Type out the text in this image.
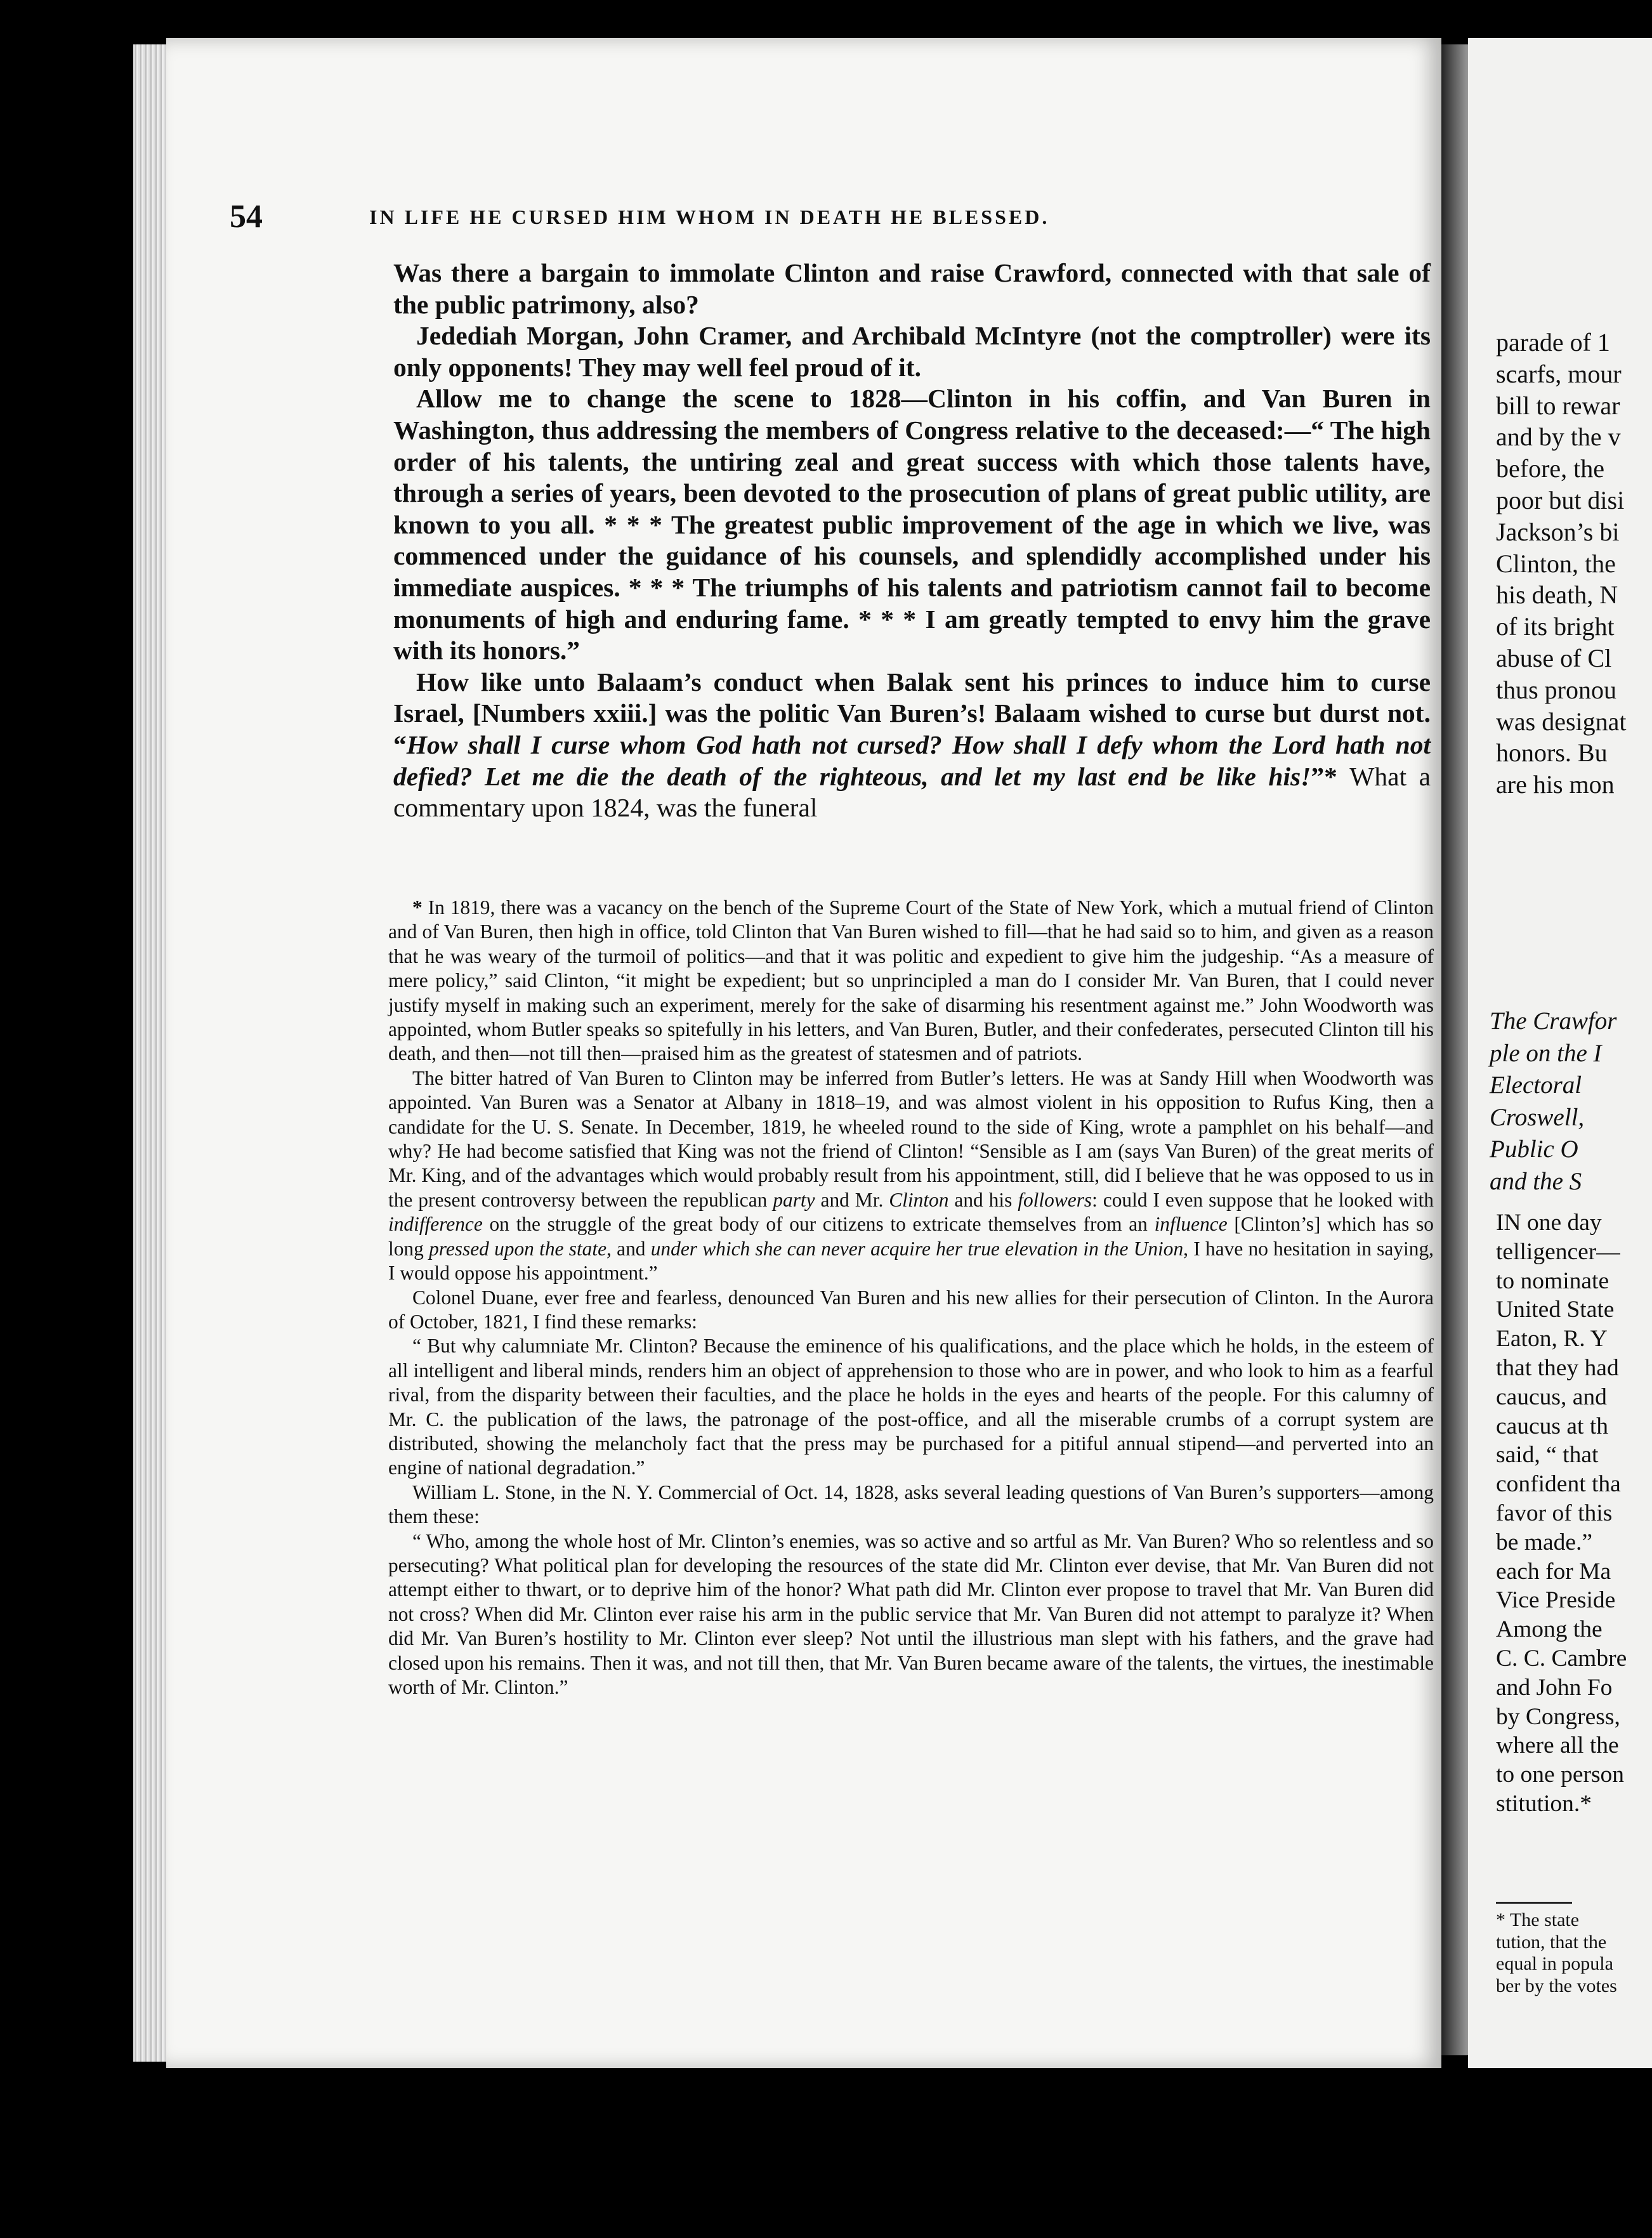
54	IN LIFE HE CURSED HIM WHOM IN DEATH HE BLESSED.

Was there a bargain to immolate Clinton and raise Crawford, connected with that sale of the public patrimony, also?

Jedediah Morgan, John Cramer, and Archibald McIntyre (not the comptroller) were its only opponents! They may well feel proud of it.

Allow me to change the scene to 1828—Clinton in his coffin, and Van Buren in Washington, thus addressing the members of Congress relative to the deceased:—“ The high order of his talents, the untiring zeal and great success with which those talents have, through a series of years, been devoted to the prosecution of plans of great public utility, are known to you all. * * * The greatest public improvement of the age in which we live, was commenced under the guidance of his counsels, and splendidly accomplished under his immediate auspices. * * * The triumphs of his talents and patriotism cannot fail to become monuments of high and enduring fame. * * * I am greatly tempted to envy him the grave with its honors.”

How like unto Balaam’s conduct when Balak sent his princes to induce him to curse Israel, [Numbers xxiii.] was the politic Van Buren’s! Balaam wished to curse but durst not. “How shall I curse whom God hath not cursed? How shall I defy whom the Lord hath not defied? Let me die the death of the righteous, and let my last end be like his!”* What a commentary upon 1824, was the funeral

* In 1819, there was a vacancy on the bench of the Supreme Court of the State of New York, which a mutual friend of Clinton and of Van Buren, then high in office, told Clinton that Van Buren wished to fill—that he had said so to him, and given as a reason that he was weary of the turmoil of politics—and that it was politic and expedient to give him the judgeship. “As a measure of mere policy,” said Clinton, “it might be expedient; but so unprincipled a man do I consider Mr. Van Buren, that I could never justify myself in making such an experiment, merely for the sake of disarming his resentment against me.” John Woodworth was appointed, whom Butler speaks so spitefully in his letters, and Van Buren, Butler, and their confederates, persecuted Clinton till his death, and then—not till then—praised him as the greatest of statesmen and of patriots.

The bitter hatred of Van Buren to Clinton may be inferred from Butler’s letters. He was at Sandy Hill when Woodworth was appointed. Van Buren was a Senator at Albany in 1818–19, and was almost violent in his opposition to Rufus King, then a candidate for the U. S. Senate. In December, 1819, he wheeled round to the side of King, wrote a pamphlet on his behalf—and why? He had become satisfied that King was not the friend of Clinton! “Sensible as I am (says Van Buren) of the great merits of Mr. King, and of the advantages which would probably result from his appointment, still, did I believe that he was opposed to us in the present controversy between the republican party and Mr. Clinton and his followers: could I even suppose that he looked with indifference on the struggle of the great body of our citizens to extricate themselves from an influence [Clinton’s] which has so long pressed upon the state, and under which she can never acquire her true elevation in the Union, I have no hesitation in saying, I would oppose his appointment.”

Colonel Duane, ever free and fearless, denounced Van Buren and his new allies for their persecution of Clinton. In the Aurora of October, 1821, I find these remarks:

“ But why calumniate Mr. Clinton? Because the eminence of his qualifications, and the place which he holds, in the esteem of all intelligent and liberal minds, renders him an object of apprehension to those who are in power, and who look to him as a fearful rival, from the disparity between their faculties, and the place he holds in the eyes and hearts of the people. For this calumny of Mr. C. the publication of the laws, the patronage of the post-office, and all the miserable crumbs of a corrupt system are distributed, showing the melancholy fact that the press may be purchased for a pitiful annual stipend—and perverted into an engine of national degradation.”

William L. Stone, in the N. Y. Commercial of Oct. 14, 1828, asks several leading questions of Van Buren’s supporters—among them these:

“ Who, among the whole host of Mr. Clinton’s enemies, was so active and so artful as Mr. Van Buren? Who so relentless and so persecuting? What political plan for developing the resources of the state did Mr. Clinton ever devise, that Mr. Van Buren did not attempt either to thwart, or to deprive him of the honor? What path did Mr. Clinton ever propose to travel that Mr. Van Buren did not cross? When did Mr. Clinton ever raise his arm in the public service that Mr. Van Buren did not attempt to paralyze it? When did Mr. Van Buren’s hostility to Mr. Clinton ever sleep? Not until the illustrious man slept with his fathers, and the grave had closed upon his remains. Then it was, and not till then, that Mr. Van Buren became aware of the talents, the virtues, the inestimable worth of Mr. Clinton.”

parade of 1
scarfs, mour
bill to rewar
and by the v
before, the
poor but disi
Jackson’s bi
Clinton, the
his death, N
of its bright
abuse of Cl
thus pronou
was designat
honors. Bu
are his mon
The Crawfor
ple on the I
Electoral
Croswell,
Public O
and the S
IN one day
telligencer—
to nominate
United State
Eaton, R. Y
that they had
caucus, and
caucus at th
said, “ that
confident tha
favor of this
be made.”
each for Ma
Vice Preside
Among the
C. C. Cambre
and John Fo
by Congress,
where all the
to one person
stitution.*
* The state
tution, that the
equal in popula
ber by the votes
